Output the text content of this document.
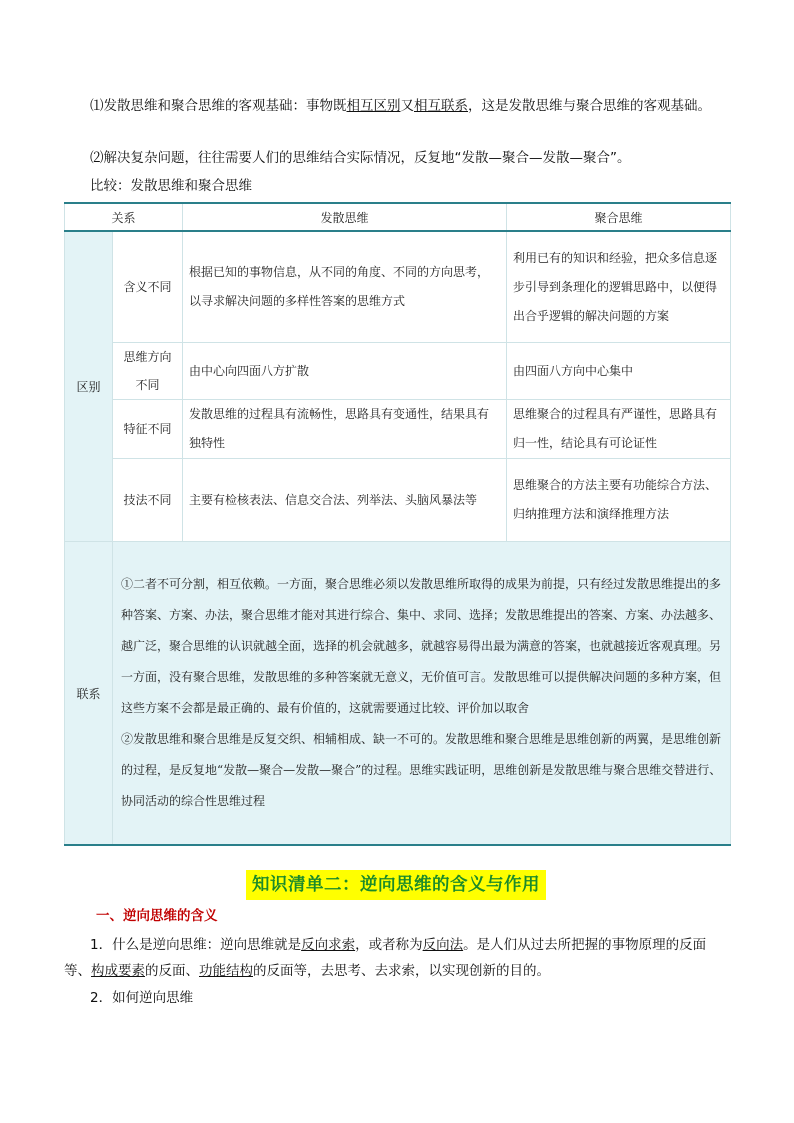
⑴发散思维和聚合思维的客观基础：事物既相互区别又相互联系，这是发散思维与聚合思维的客观基础。

⑵解决复杂问题，往往需要人们的思维结合实际情况，反复地“发散—聚合—发散—聚合”。

比较：发散思维和聚合思维

关系		发散思维	聚合思维
区别	含义不同	根据已知的事物信息，从不同的角度、不同的方向思考，以寻求解决问题的多样性答案的思维方式	利用已有的知识和经验，把众多信息逐步引导到条理化的逻辑思路中，以便得出合乎逻辑的解决问题的方案
	思维方向不同	由中心向四面八方扩散	由四面八方向中心集中
	特征不同	发散思维的过程具有流畅性，思路具有变通性，结果具有独特性	思维聚合的过程具有严谨性，思路具有归一性，结论具有可论证性
	技法不同	主要有检核表法、信息交合法、列举法、头脑风暴法等	思维聚合的方法主要有功能综合方法、归纳推理方法和演绎推理方法
联系	①二者不可分割，相互依赖。一方面，聚合思维必须以发散思维所取得的成果为前提，只有经过发散思维提出的多种答案、方案、办法，聚合思维才能对其进行综合、集中、求同、选择；发散思维提出的答案、方案、办法越多、越广泛，聚合思维的认识就越全面，选择的机会就越多，就越容易得出最为满意的答案，也就越接近客观真理。另一方面，没有聚合思维，发散思维的多种答案就无意义，无价值可言。发散思维可以提供解决问题的多种方案，但这些方案不会都是最正确的、最有价值的，这就需要通过比较、评价加以取舍
②发散思维和聚合思维是反复交织、相辅相成、缺一不可的。发散思维和聚合思维是思维创新的两翼，是思维创新的过程，是反复地“发散—聚合—发散—聚合”的过程。思维实践证明，思维创新是发散思维与聚合思维交替进行、协同活动的综合性思维过程		
知识清单二：逆向思维的含义与作用
一、逆向思维的含义

1．什么是逆向思维：逆向思维就是反向求索，或者称为反向法。是人们从过去所把握的事物原理的反面等、构成要素的反面、功能结构的反面等，去思考、去求索，以实现创新的目的。

2．如何逆向思维
